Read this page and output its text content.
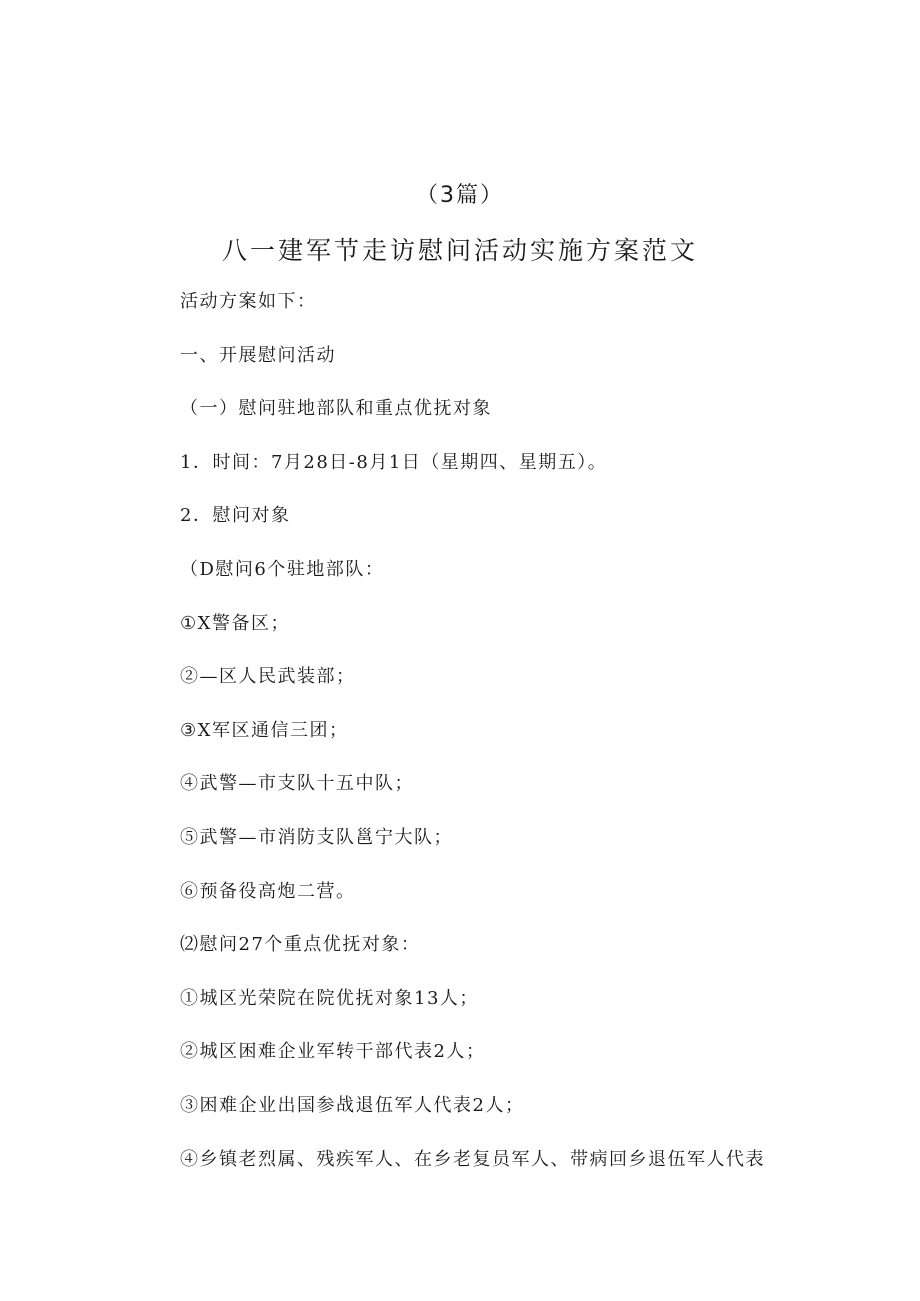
（3篇）
八一建军节走访慰问活动实施方案范文
活动方案如下：
一、开展慰问活动
（一）慰问驻地部队和重点优抚对象
1．时间：7月28日-8月1日（星期四、星期五）。
2．慰问对象
（D慰问6个驻地部队：
①X警备区；
②—区人民武装部；
③X军区通信三团；
④武警—市支队十五中队；
⑤武警—市消防支队邕宁大队；
⑥预备役高炮二营。
⑵慰问27个重点优抚对象：
①城区光荣院在院优抚对象13人；
②城区困难企业军转干部代表2人；
③困难企业出国参战退伍军人代表2人；
④乡镇老烈属、残疾军人、在乡老复员军人、带病回乡退伍军人代表
